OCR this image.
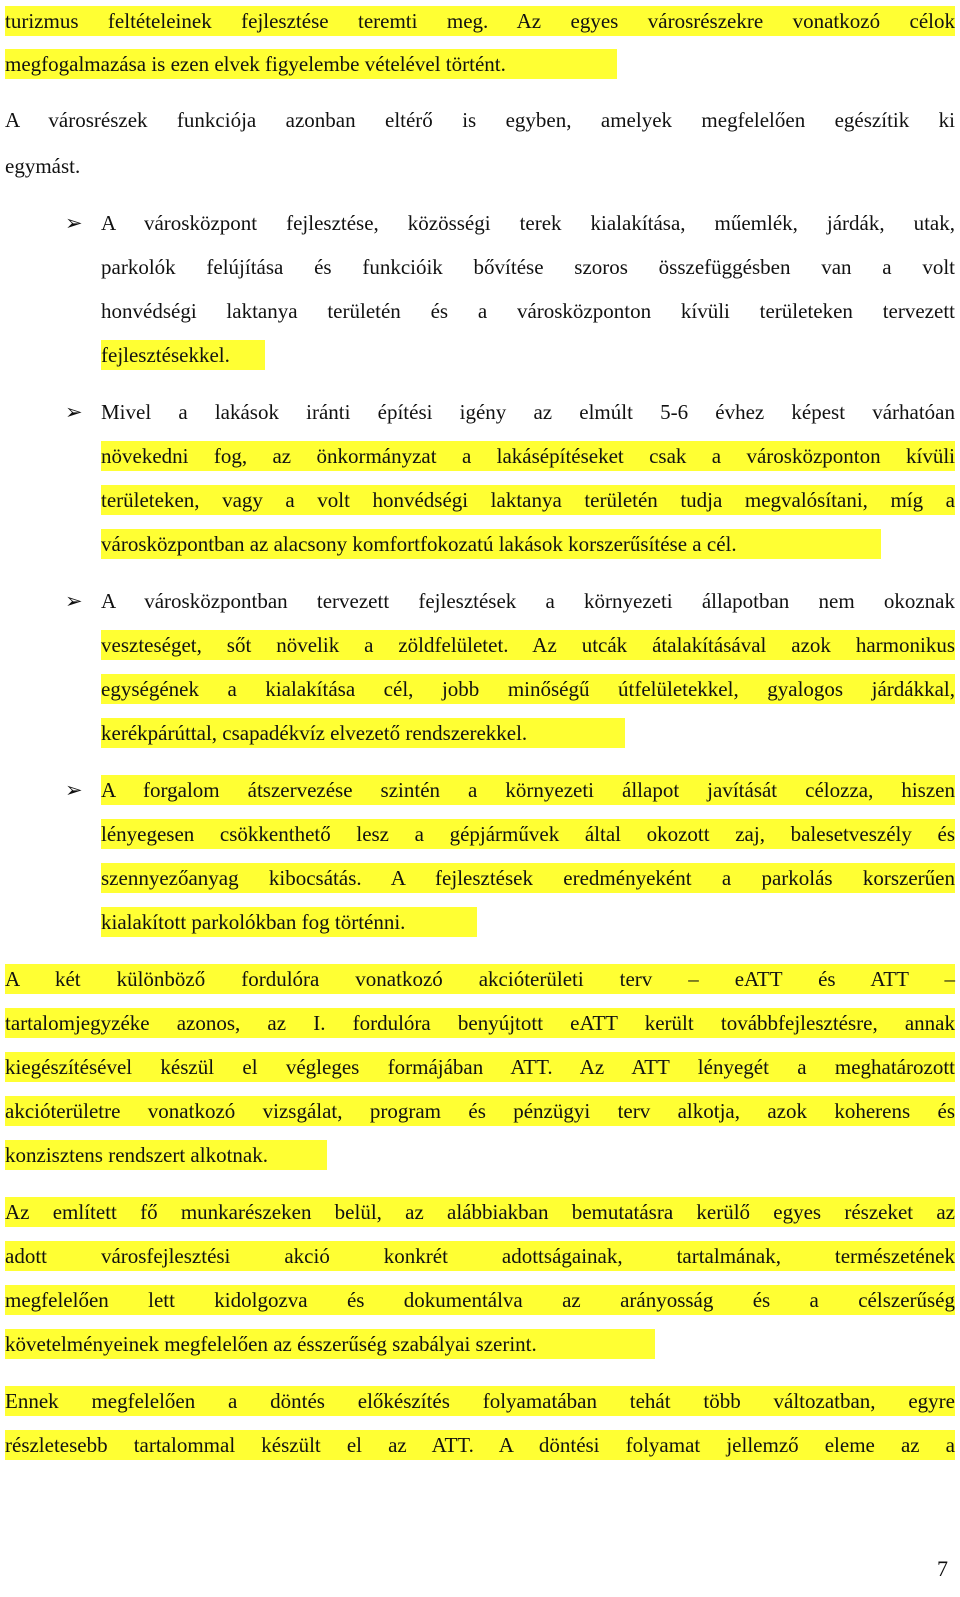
turizmus feltételeinek fejlesztése teremti meg. Az egyes városrészekre vonatkozó célok
megfogalmazása is ezen elvek figyelembe vételével történt.
A városrészek funkciója azonban eltérő is egyben, amelyek megfelelően egészítik ki
egymást.
➢ A városközpont fejlesztése, közösségi terek kialakítása, műemlék, járdák, utak,
parkolók felújítása és funkcióik bővítése szoros összefüggésben van a volt
honvédségi laktanya területén és a városközponton kívüli területeken tervezett
fejlesztésekkel.
➢ Mivel a lakások iránti építési igény az elmúlt 5-6 évhez képest várhatóan
növekedni fog, az önkormányzat a lakásépítéseket csak a városközponton kívüli
területeken, vagy a volt honvédségi laktanya területén tudja megvalósítani, míg a
városközpontban az alacsony komfortfokozatú lakások korszerűsítése a cél.
➢ A városközpontban tervezett fejlesztések a környezeti állapotban nem okoznak
veszteséget, sőt növelik a zöldfelületet. Az utcák átalakításával azok harmonikus
egységének a kialakítása cél, jobb minőségű útfelületekkel, gyalogos járdákkal,
kerékpárúttal, csapadékvíz elvezető rendszerekkel.
➢ A forgalom átszervezése szintén a környezeti állapot javítását célozza, hiszen
lényegesen csökkenthető lesz a gépjárművek által okozott zaj, balesetveszély és
szennyezőanyag kibocsátás. A fejlesztések eredményeként a parkolás korszerűen
kialakított parkolókban fog történni.
A két különböző fordulóra vonatkozó akcióterületi terv – eATT és ATT –
tartalomjegyzéke azonos, az I. fordulóra benyújtott eATT került továbbfejlesztésre, annak
kiegészítésével készül el végleges formájában ATT. Az ATT lényegét a meghatározott
akcióterületre vonatkozó vizsgálat, program és pénzügyi terv alkotja, azok koherens és
konzisztens rendszert alkotnak.
Az említett fő munkarészeken belül, az alábbiakban bemutatásra kerülő egyes részeket az
adott városfejlesztési akció konkrét adottságainak, tartalmának, természetének
megfelelően lett kidolgozva és dokumentálva az arányosság és a célszerűség
követelményeinek megfelelően az ésszerűség szabályai szerint.
Ennek megfelelően a döntés előkészítés folyamatában tehát több változatban, egyre
részletesebb tartalommal készült el az ATT. A döntési folyamat jellemző eleme az a
7
